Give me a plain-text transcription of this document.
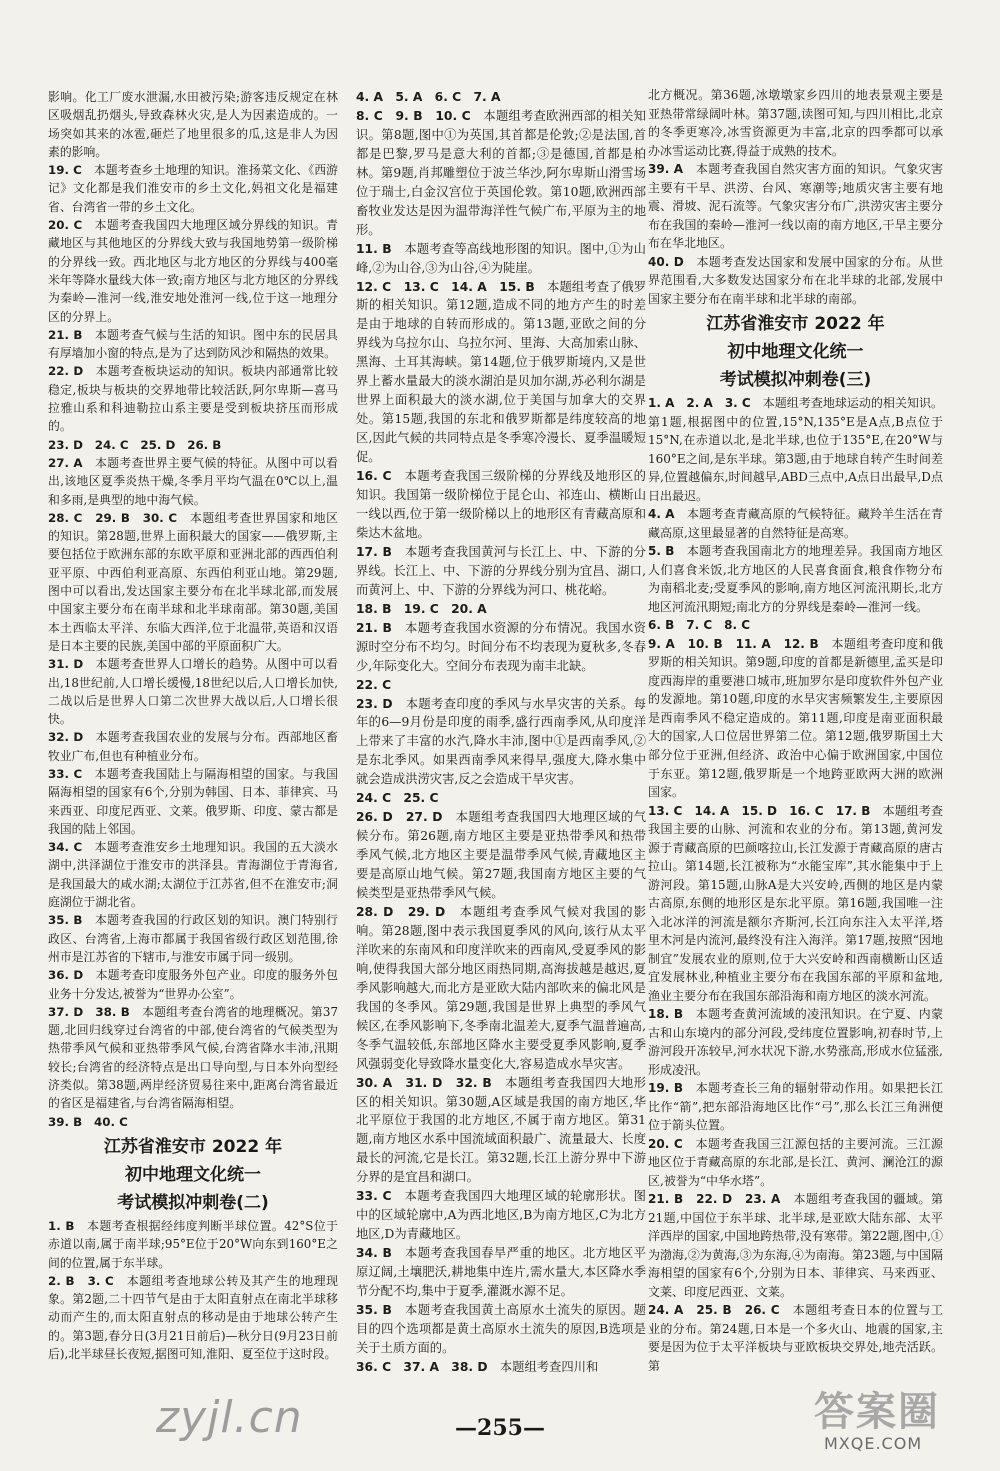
影响。化工厂废水泄漏,水田被污染;游客违反规定在林区吸烟乱扔烟头,导致森林火灾,是人为因素造成的。一场突如其来的冰雹,砸烂了地里很多的瓜,这是非人为因素的影响。

19. C　 本题考查乡土地理的知识。淮扬菜文化、《西游记》文化都是我们淮安市的乡土文化,妈祖文化是福建省、台湾省一带的乡土文化。

20. C　 本题考查我国四大地理区域分界线的知识。青藏地区与其他地区的分界线大致与我国地势第一级阶梯的分界线一致。西北地区与北方地区的分界线与400毫米年等降水量线大体一致;南方地区与北方地区的分界线为秦岭—淮河一线,淮安地处淮河一线,位于这一地理分区的分界上。

21. B　 本题考查气候与生活的知识。图中东的民居具有厚墙加小窗的特点,是为了达到防风沙和隔热的效果。

22. D　 本题考查板块运动的知识。板块内部通常比较稳定,板块与板块的交界地带比较活跃,阿尔卑斯—喜马拉雅山系和科迪勒拉山系主要是受到板块挤压而形成的。

23. D　24. C　25. D　26. B

27. A　 本题考查世界主要气候的特征。从图中可以看出,该地区夏季炎热干燥,冬季月平均气温在0℃以上,温和多雨,是典型的地中海气候。

28. C　29. B　30. C　 本题组考查世界国家和地区的知识。第28题,世界上面积最大的国家——俄罗斯,主要包括位于欧洲东部的东欧平原和亚洲北部的西西伯利亚平原、中西伯利亚高原、东西伯利亚山地。第29题,图中可以看出,发达国家主要分布在北半球北部,而发展中国家主要分布在南半球和北半球南部。第30题,美国本土西临太平洋、东临大西洋,位于北温带,英语和汉语是日本主要的民族,美国中部的平原面积广大。

31. D　 本题考查世界人口增长的趋势。从图中可以看出,18世纪前,人口增长缓慢,18世纪以后,人口增长加快,二战以后是世界人口第二次世界大战以后,人口增长很快。

32. D　 本题考查我国农业的发展与分布。西部地区畜牧业广布,但也有种植业分布。

33. C　 本题考查我国陆上与隔海相望的国家。与我国隔海相望的国家有6个,分别为韩国、日本、菲律宾、马来西亚、印度尼西亚、文莱。俄罗斯、印度、蒙古都是我国的陆上邻国。

34. C　 本题考查淮安乡土地理知识。我国的五大淡水湖中,洪泽湖位于淮安市的洪泽县。青海湖位于青海省,是我国最大的咸水湖;太湖位于江苏省,但不在淮安市;洞庭湖位于湖北省。

35. B　 本题考查我国的行政区划的知识。澳门特别行政区、台湾省,上海市都属于我国省级行政区划范围,徐州市是江苏省的下辖市,与淮安市属于同一级别。

36. D　 本题考查印度服务外包产业。印度的服务外包业务十分发达,被誉为“世界办公室”。

37. D　38. B　 本题组考查台湾省的地理概况。第37题,北回归线穿过台湾省的中部,使台湾省的气候类型为热带季风气候和亚热带季风气候,台湾省降水丰沛,汛期较长;台湾省的经济特点是出口导向型,与日本外向型经济类似。第38题,两岸经济贸易往来中,距离台湾省最近的省区是福建省,与台湾省隔海相望。

39. B　40. C

江苏省淮安市 2022 年
初中地理文化统一
考试模拟冲刺卷(二)

1. B　 本题考查根据经纬度判断半球位置。42°S位于赤道以南,属于南半球;95°E位于20°W向东到160°E之间的位置,属于东半球。

2. B　3. C　 本题组考查地球公转及其产生的地理现象。第2题,二十四节气是由于太阳直射点在南北半球移动而产生的,而太阳直射点的移动是由于地球公转产生的。第3题,春分日(3月21日前后)—秋分日(9月23日前后),北半球昼长夜短,据图可知,淮阳、夏至位于这时段。

4. A　5. A　6. C　7. A

8. C　9. B　10. C　 本题组考查欧洲西部的相关知识。第8题,图中①为英国,其首都是伦敦;②是法国,首都是巴黎,罗马是意大利的首都;③是德国,首都是柏林。第9题,肖邦雕塑位于波兰华沙,阿尔卑斯山滑雪场位于瑞士,白金汉宫位于英国伦敦。第10题,欧洲西部畜牧业发达是因为温带海洋性气候广布,平原为主的地形。

11. B　 本题考查等高线地形图的知识。图中,①为山峰,②为山谷,③为山谷,④为陡崖。

12. C　13. C　14. A　15. B　 本题组考查了俄罗斯的相关知识。第12题,造成不同的地方产生的时差是由于地球的自转而形成的。第13题,亚欧之间的分界线为乌拉尔山、乌拉尔河、里海、大高加索山脉、黑海、土耳其海峡。第14题,位于俄罗斯境内,又是世界上蓄水量最大的淡水湖泊是贝加尔湖,苏必利尔湖是世界上面积最大的淡水湖,位于美国与加拿大的交界处。第15题,我国的东北和俄罗斯都是纬度较高的地区,因此气候的共同特点是冬季寒冷漫长、夏季温暖短促。

16. C　 本题考查我国三级阶梯的分界线及地形区的知识。我国第一级阶梯位于昆仑山、祁连山、横断山一线以西,位于第一级阶梯以上的地形区有青藏高原和柴达木盆地。

17. B　 本题考查我国黄河与长江上、中、下游的分界线。长江上、中、下游的分界线分别为宜昌、湖口,而黄河上、中、下游的分界线为河口、桃花峪。

18. B　19. C　20. A

21. B　 本题考查我国水资源的分布情况。我国水资源时空分布不均匀。时间分布不均表现为夏秋多,冬春少,年际变化大。空间分布表现为南丰北缺。

22. C

23. D　 本题考查印度的季风与水旱灾害的关系。每年的6—9月份是印度的雨季,盛行西南季风,从印度洋上带来了丰富的水汽,降水丰沛,图中①是西南季风,②是东北季风。如果西南季风来得早,强度大,降水集中就会造成洪涝灾害,反之会造成干旱灾害。

24. C　25. C

26. D　27. D　 本题组考查我国四大地理区域的气候分布。第26题,南方地区主要是亚热带季风和热带季风气候,北方地区主要是温带季风气候,青藏地区主要是高原山地气候。第27题,我国南方地区主要的气候类型是亚热带季风气候。

28. D　29. D　 本题组考查季风气候对我国的影响。第28题,图中表示我国夏季风的风向,该行从太平洋吹来的东南风和印度洋吹来的西南风,受夏季风的影响,使得我国大部分地区雨热同期,高海拔越是越迟,夏季风影响越大,而北方是亚欧大陆内部吹来的偏北风是我国的冬季风。第29题,我国是世界上典型的季风气候区,在季风影响下,冬季南北温差大,夏季气温普遍高,冬季气温较低,东部地区降水主要受夏季风影响,夏季风强弱变化导致降水量变化大,容易造成水旱灾害。

30. A　31. D　32. B　 本题组考查我国四大地形区的相关知识。第30题,A区域是我国的南方地区,华北平原位于我国的北方地区,不属于南方地区。第31题,南方地区水系中国流域面积最广、流量最大、长度最长的河流,它是长江。第32题,长江上游分界中下游分界的是宜昌和湖口。

33. C　 本题考查我国四大地理区域的轮廓形状。图中的区域轮廓中,A为西北地区,B为南方地区,C为北方地区,D为青藏地区。

34. B　 本题考查我国春旱严重的地区。北方地区平原辽阔,土壤肥沃,耕地集中连片,需水量大,本区降水季节分配不均,集中于夏季,灌溉水源不足。

35. B　 本题考查我国黄土高原水土流失的原因。题目的四个选项都是黄土高原水土流失的原因,B选项是关于土质方面的。

36. C　37. A　38. D　 本题组考查四川和

北方概况。第36题,冰墩墩家乡四川的地表景观主要是亚热带常绿阔叶林。第37题,读图可知,与四川相比,北京的冬季更寒冷,冰雪资源更为丰富,北京的四季都可以承办冰雪运动比赛,得益于成熟的技术。

39. A　 本题考查我国自然灾害方面的知识。气象灾害主要有干旱、洪涝、台风、寒潮等;地质灾害主要有地震、滑坡、泥石流等。气象灾害分布广,洪涝灾害主要分布在我国的秦岭—淮河一线以南的南方地区,干旱主要分布在华北地区。

40. D　 本题考查发达国家和发展中国家的分布。从世界范围看,大多数发达国家分布在北半球的北部,发展中国家主要分布在南半球和北半球的南部。

江苏省淮安市 2022 年
初中地理文化统一
考试模拟冲刺卷(三)

1. A　2. A　3. C　 本题组考查地球运动的相关知识。第1题,根据图中的位置,15°N,135°E是A点,B点位于15°N,在赤道以北,是北半球,也位于135°E,在20°W与160°E之间,是东半球。第3题,由于地球自转产生时间差异,位置越偏东,时间越早,ABD三点中,A点日出最早,D点日出最迟。

4. A　 本题考查青藏高原的气候特征。藏羚羊生活在青藏高原,这里最显著的自然特征是高寒。

5. B　 本题考查我国南北方的地理差异。我国南方地区人们喜食米饭,北方地区的人民喜食面食,粮食作物分布为南稻北麦;受夏季风的影响,南方地区河流汛期长,北方地区河流汛期短;南北方的分界线是秦岭—淮河一线。

6. B　7. C　8. C

9. A　10. B　11. A　12. B　 本题组考查印度和俄罗斯的相关知识。第9题,印度的首都是新德里,孟买是印度西海岸的重要港口城市,班加罗尔是印度软件外包产业的发源地。第10题,印度的水旱灾害频繁发生,主要原因是西南季风不稳定造成的。第11题,印度是南亚面积最大的国家,人口位居世界第二位。第12题,俄罗斯国土大部分位于亚洲,但经济、政治中心偏于欧洲国家,中国位于东亚。第12题,俄罗斯是一个地跨亚欧两大洲的欧洲国家。

13. C　14. A　15. D　16. C　17. B　 本题组考查我国主要的山脉、河流和农业的分布。第13题,黄河发源于青藏高原的巴颜喀拉山,长江发源于青藏高原的唐古拉山。第14题,长江被称为“水能宝库”,其水能集中于上游河段。第15题,山脉A是大兴安岭,西侧的地区是内蒙古高原,东侧的地形区是东北平原。第16题,我国唯一注入北冰洋的河流是额尔齐斯河,长江向东注入太平洋,塔里木河是内流河,最终没有注入海洋。第17题,按照“因地制宜”发展农业的原则,位于大兴安岭和西南横断山区适宜发展林业,种植业主要分布在我国东部的平原和盆地,渔业主要分布在我国东部沿海和南方地区的淡水河流。

18. B　 本题考查黄河流域的凌汛知识。在宁夏、内蒙古和山东境内的部分河段,受纬度位置影响,初春时节,上游河段开冻较早,河水状况下游,水势涨高,形成水位猛涨,形成凌汛。

19. B　 本题考查长三角的辐射带动作用。如果把长江比作“箭”,把东部沿海地区比作“弓”,那么长江三角洲便位于箭头位置。

20. C　 本题考查我国三江源包括的主要河流。三江源地区位于青藏高原的东北部,是长江、黄河、澜沧江的源区,被誉为“中华水塔”。

21. B　22. D　23. A　 本题组考查我国的疆域。第21题,中国位于东半球、北半球,是亚欧大陆东部、太平洋西岸的国家,中国地跨热带,没有寒带。第22题,图中,①为渤海,②为黄海,③为东海,④为南海。第23题,与中国隔海相望的国家有6个,分别为日本、菲律宾、马来西亚、文莱、印度尼西亚、文莱。

24. A　25. B　26. C　 本题组考查日本的位置与工业的分布。第24题,日本是一个多火山、地震的国家,主要是因为位于太平洋板块与亚欧板块交界处,地壳活跃。第

—255—
zyjl.cn	答案圈
MXQE.COM
